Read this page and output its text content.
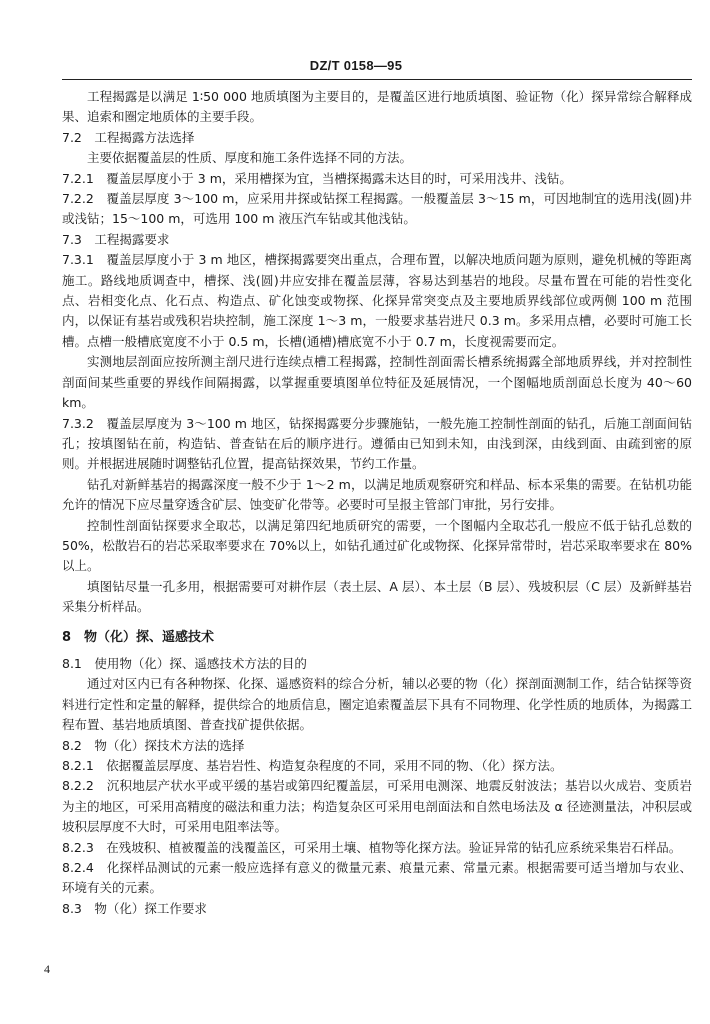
DZ/T 0158—95

工程揭露是以满足 1∶50 000 地质填图为主要目的，是覆盖区进行地质填图、验证物（化）探异常综合解释成果、追索和圈定地质体的主要手段。

7.2　工程揭露方法选择

主要依据覆盖层的性质、厚度和施工条件选择不同的方法。

7.2.1　覆盖层厚度小于 3 m，采用槽探为宜，当槽探揭露未达目的时，可采用浅井、浅钻。

7.2.2　覆盖层厚度 3～100 m，应采用井探或钻探工程揭露。一般覆盖层 3～15 m，可因地制宜的选用浅(圆)井或浅钻；15～100 m，可选用 100 m 液压汽车钻或其他浅钻。

7.3　工程揭露要求

7.3.1　覆盖层厚度小于 3 m 地区，槽探揭露要突出重点，合理布置，以解决地质问题为原则，避免机械的等距离施工。路线地质调查中，槽探、浅(圆)井应安排在覆盖层薄，容易达到基岩的地段。尽量布置在可能的岩性变化点、岩相变化点、化石点、构造点、矿化蚀变或物探、化探异常突变点及主要地质界线部位或两侧 100 m 范围内，以保证有基岩或残积岩块控制，施工深度 1～3 m，一般要求基岩进尺 0.3 m。多采用点槽，必要时可施工长槽。点槽一般槽底宽度不小于 0.5 m，长槽(通槽)槽底宽不小于 0.7 m，长度视需要而定。

实测地层剖面应按所测主剖尺进行连续点槽工程揭露，控制性剖面需长槽系统揭露全部地质界线，并对控制性剖面间某些重要的界线作间隔揭露，以掌握重要填图单位特征及延展情况，一个图幅地质剖面总长度为 40～60 km。

7.3.2　覆盖层厚度为 3～100 m 地区，钻探揭露要分步骤施钻，一般先施工控制性剖面的钻孔，后施工剖面间钻孔；按填图钻在前，构造钻、普查钻在后的顺序进行。遵循由已知到未知，由浅到深，由线到面、由疏到密的原则。并根据进展随时调整钻孔位置，提高钻探效果，节约工作量。

钻孔对新鲜基岩的揭露深度一般不少于 1～2 m，以满足地质观察研究和样品、标本采集的需要。在钻机功能允许的情况下应尽量穿透含矿层、蚀变矿化带等。必要时可呈报主管部门审批，另行安排。

控制性剖面钻探要求全取芯，以满足第四纪地质研究的需要，一个图幅内全取芯孔一般应不低于钻孔总数的 50%，松散岩石的岩芯采取率要求在 70%以上，如钻孔通过矿化或物探、化探异常带时，岩芯采取率要求在 80%以上。

填图钻尽量一孔多用，根据需要可对耕作层（表土层、A 层）、本土层（B 层）、残坡积层（C 层）及新鲜基岩采集分析样品。

8　物（化）探、遥感技术

8.1　使用物（化）探、遥感技术方法的目的

通过对区内已有各种物探、化探、遥感资料的综合分析，辅以必要的物（化）探剖面测制工作，结合钻探等资料进行定性和定量的解释，提供综合的地质信息，圈定追索覆盖层下具有不同物理、化学性质的地质体，为揭露工程布置、基岩地质填图、普查找矿提供依据。

8.2　物（化）探技术方法的选择

8.2.1　依据覆盖层厚度、基岩岩性、构造复杂程度的不同，采用不同的物、（化）探方法。

8.2.2　沉积地层产状水平或平缓的基岩或第四纪覆盖层，可采用电测深、地震反射波法；基岩以火成岩、变质岩为主的地区，可采用高精度的磁法和重力法；构造复杂区可采用电剖面法和自然电场法及 α 径迹测量法，冲积层或坡积层厚度不大时，可采用电阻率法等。

8.2.3　在残坡积、植被覆盖的浅覆盖区，可采用土壤、植物等化探方法。验证异常的钻孔应系统采集岩石样品。

8.2.4　化探样品测试的元素一般应选择有意义的微量元素、痕量元素、常量元素。根据需要可适当增加与农业、环境有关的元素。

8.3　物（化）探工作要求

4
